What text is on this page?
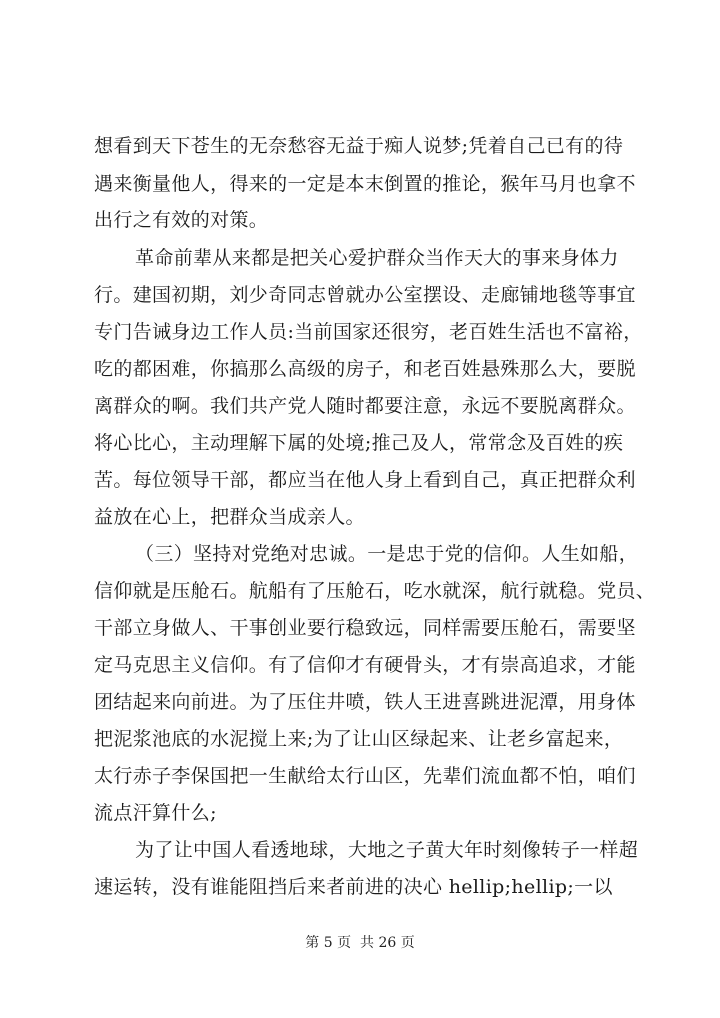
想看到天下苍生的无奈愁容无益于痴人说梦;凭着自己已有的待
遇来衡量他人，得来的一定是本末倒置的推论，猴年马月也拿不
出行之有效的对策。
革命前辈从来都是把关心爱护群众当作天大的事来身体力
行。建国初期，刘少奇同志曾就办公室摆设、走廊铺地毯等事宜
专门告诫身边工作人员:当前国家还很穷，老百姓生活也不富裕，
吃的都困难，你搞那么高级的房子，和老百姓悬殊那么大，要脱
离群众的啊。我们共产党人随时都要注意，永远不要脱离群众。
将心比心，主动理解下属的处境;推己及人，常常念及百姓的疾
苦。每位领导干部，都应当在他人身上看到自己，真正把群众利
益放在心上，把群众当成亲人。
（三）坚持对党绝对忠诚。一是忠于党的信仰。人生如船，
信仰就是压舱石。航船有了压舱石，吃水就深，航行就稳。党员、
干部立身做人、干事创业要行稳致远，同样需要压舱石，需要坚
定马克思主义信仰。有了信仰才有硬骨头，才有崇高追求，才能
团结起来向前进。为了压住井喷，铁人王进喜跳进泥潭，用身体
把泥浆池底的水泥搅上来;为了让山区绿起来、让老乡富起来，
太行赤子李保国把一生献给太行山区，先辈们流血都不怕，咱们
流点汗算什么;
为了让中国人看透地球，大地之子黄大年时刻像转子一样超
速运转，没有谁能阻挡后来者前进的决心 hellip;hellip;一以
第 5 页  共 26 页
